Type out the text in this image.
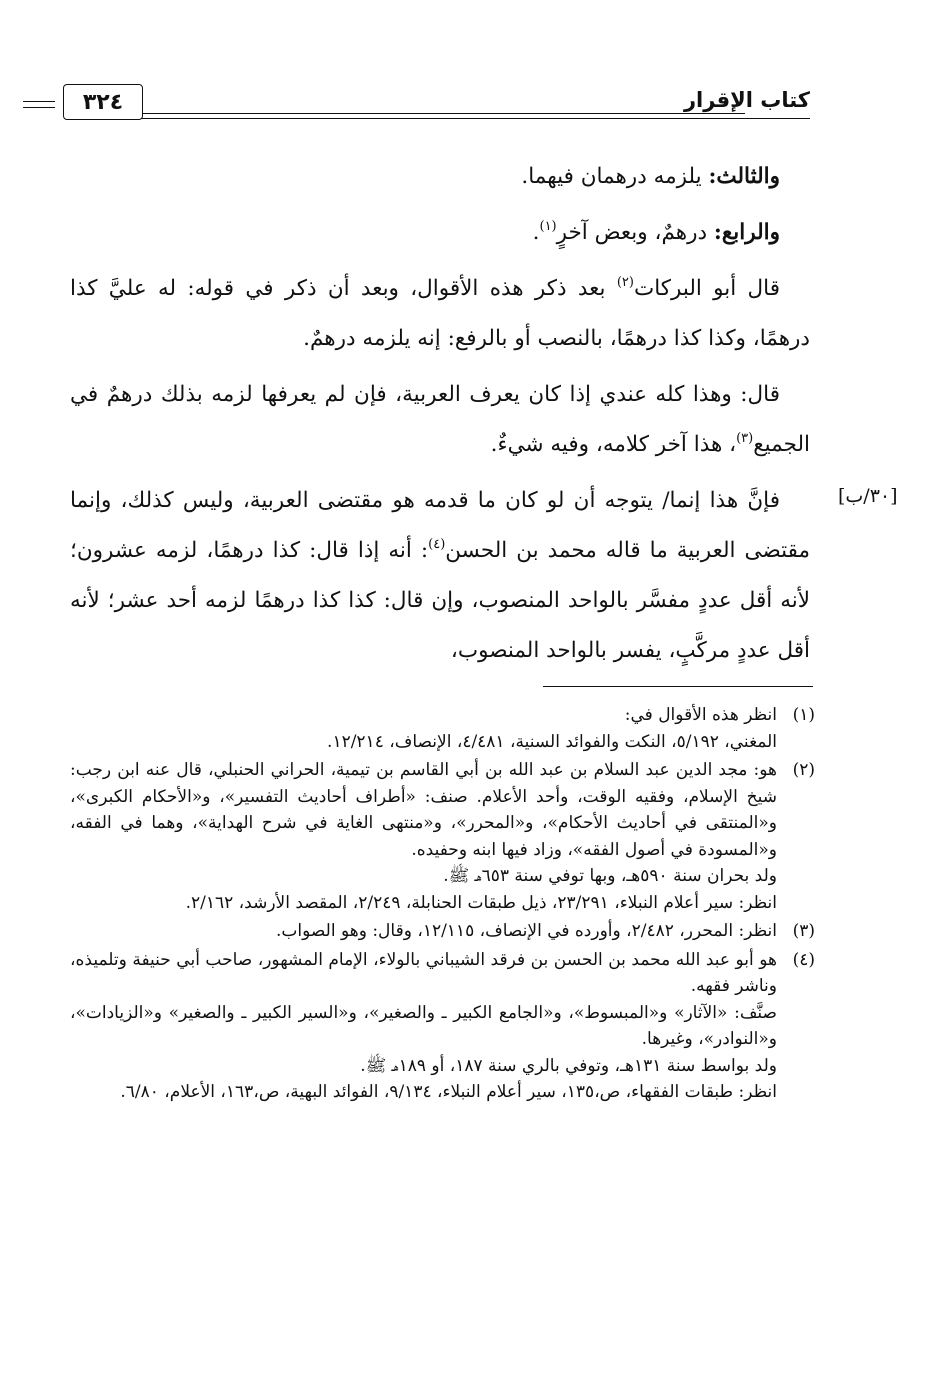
٣٢٤	كتاب الإقرار
[٣٠/ب]

والثالث: يلزمه درهمان فيهما.

والرابع: درهمٌ، وبعض آخرٍ$^{(١)}$.

قال أبو البركات$^{(٢)}$ بعد ذكر هذه الأقوال، وبعد أن ذكر في قوله: له عليَّ كذا درهمًا، وكذا كذا درهمًا، بالنصب أو بالرفع: إنه يلزمه درهمٌ.

قال: وهذا كله عندي إذا كان يعرف العربية، فإن لم يعرفها لزمه بذلك درهمٌ في الجميع$^{(٣)}$، هذا آخر كلامه، وفيه شيءٌ.

فإنَّ هذا إنما/ يتوجه أن لو كان ما قدمه هو مقتضى العربية، وليس كذلك، وإنما مقتضى العربية ما قاله محمد بن الحسن$^{(٤)}$: أنه إذا قال: كذا درهمًا، لزمه عشرون؛ لأنه أقل عددٍ مفسَّر بالواحد المنصوب، وإن قال: كذا كذا درهمًا لزمه أحد عشر؛ لأنه أقل عددٍ مركَّبٍ، يفسر بالواحد المنصوب،

(١)

انظر هذه الأقوال في:

المغني، ٥/١٩٢، النكت والفوائد السنية، ٤/٤٨١، الإنصاف، ١٢/٢١٤.

(٢)

هو: مجد الدين عبد السلام بن عبد الله بن أبي القاسم بن تيمية، الحراني الحنبلي، قال عنه ابن رجب: شيخ الإسلام، وفقيه الوقت، وأحد الأعلام. صنف: «أطراف أحاديث التفسير»، و«الأحكام الكبرى»، و«المنتقى في أحاديث الأحكام»، و«المحرر»، و«منتهى الغاية في شرح الهداية»، وهما في الفقه، و«المسودة في أصول الفقه»، وزاد فيها ابنه وحفيده.

ولد بحران سنة ٥٩٠هـ، وبها توفي سنة ٦٥٣هـ ﷺ.

انظر: سير أعلام النبلاء، ٢٣/٢٩١، ذيل طبقات الحنابلة، ٢/٢٤٩، المقصد الأرشد، ٢/١٦٢.

(٣)

انظر: المحرر، ٢/٤٨٢، وأورده في الإنصاف، ١٢/١١٥، وقال: وهو الصواب.

(٤)

هو أبو عبد الله محمد بن الحسن بن فرقد الشيباني بالولاء، الإمام المشهور، صاحب أبي حنيفة وتلميذه، وناشر فقهه.

صنَّف: «الآثار» و«المبسوط»، و«الجامع الكبير ـ والصغير»، و«السير الكبير ـ والصغير» و«الزيادات»، و«النوادر»، وغيرها.

ولد بواسط سنة ١٣١هـ، وتوفي بالري سنة ١٨٧، أو ١٨٩هـ ﷺ.

انظر: طبقات الفقهاء، ص،١٣٥، سير أعلام النبلاء، ٩/١٣٤، الفوائد البهية، ص،١٦٣، الأعلام، ٦/٨٠.
